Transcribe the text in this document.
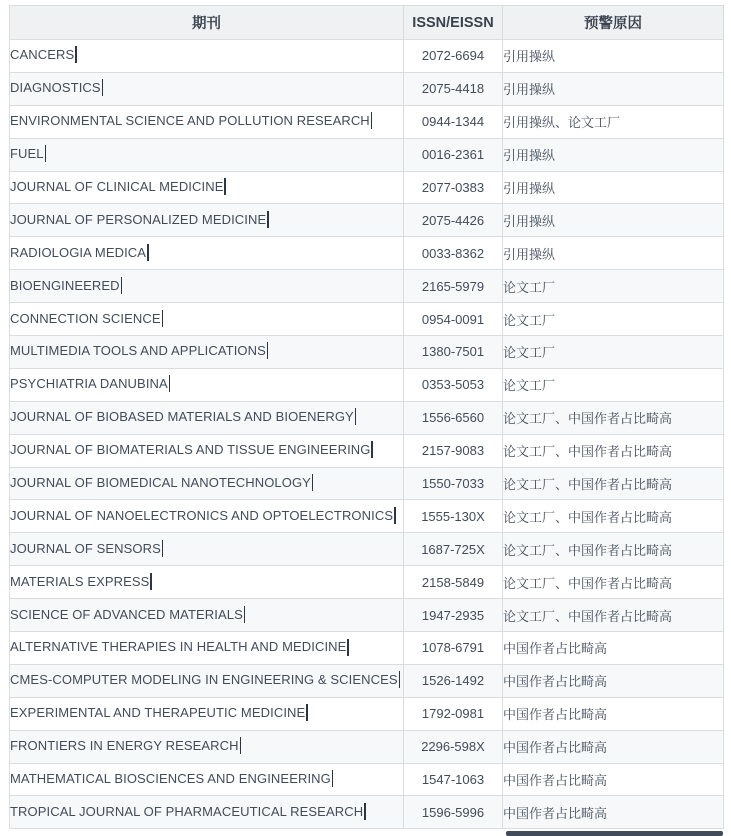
期刊	ISSN/EISSN	预警原因
CANCERS	2072-6694	引用操纵
DIAGNOSTICS	2075-4418	引用操纵
ENVIRONMENTAL SCIENCE AND POLLUTION RESEARCH	0944-1344	引用操纵、论文工厂
FUEL	0016-2361	引用操纵
JOURNAL OF CLINICAL MEDICINE	2077-0383	引用操纵
JOURNAL OF PERSONALIZED MEDICINE	2075-4426	引用操纵
RADIOLOGIA MEDICA	0033-8362	引用操纵
BIOENGINEERED	2165-5979	论文工厂
CONNECTION SCIENCE	0954-0091	论文工厂
MULTIMEDIA TOOLS AND APPLICATIONS	1380-7501	论文工厂
PSYCHIATRIA DANUBINA	0353-5053	论文工厂
JOURNAL OF BIOBASED MATERIALS AND BIOENERGY	1556-6560	论文工厂、中国作者占比畸高
JOURNAL OF BIOMATERIALS AND TISSUE ENGINEERING	2157-9083	论文工厂、中国作者占比畸高
JOURNAL OF BIOMEDICAL NANOTECHNOLOGY	1550-7033	论文工厂、中国作者占比畸高
JOURNAL OF NANOELECTRONICS AND OPTOELECTRONICS	1555-130X	论文工厂、中国作者占比畸高
JOURNAL OF SENSORS	1687-725X	论文工厂、中国作者占比畸高
MATERIALS EXPRESS	2158-5849	论文工厂、中国作者占比畸高
SCIENCE OF ADVANCED MATERIALS	1947-2935	论文工厂、中国作者占比畸高
ALTERNATIVE THERAPIES IN HEALTH AND MEDICINE	1078-6791	中国作者占比畸高
CMES-COMPUTER MODELING IN ENGINEERING & SCIENCES	1526-1492	中国作者占比畸高
EXPERIMENTAL AND THERAPEUTIC MEDICINE	1792-0981	中国作者占比畸高
FRONTIERS IN ENERGY RESEARCH	2296-598X	中国作者占比畸高
MATHEMATICAL BIOSCIENCES AND ENGINEERING	1547-1063	中国作者占比畸高
TROPICAL JOURNAL OF PHARMACEUTICAL RESEARCH	1596-5996	中国作者占比畸高
